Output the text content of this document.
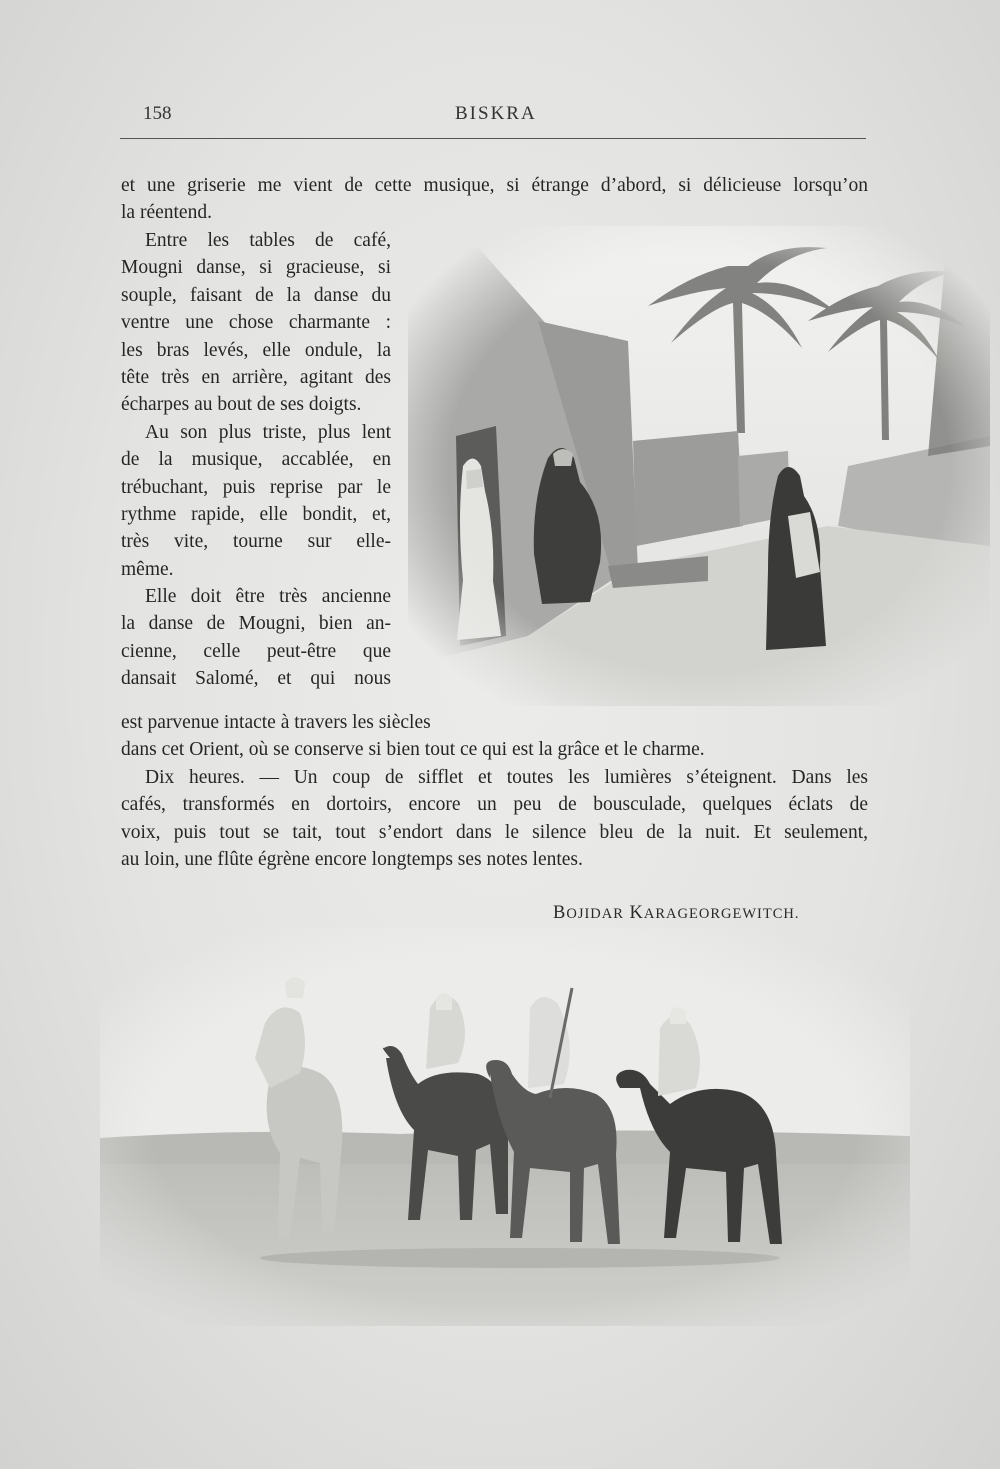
158	BISKRA
et une griserie me vient de cette musique, si étrange d’abord, si délicieuse lorsqu’on
la réentend.
Entre les tables de café,
Mougni danse, si gracieuse, si
souple, faisant de la danse du
ventre une chose charmante :
les bras levés, elle ondule, la
tête très en arrière, agitant des
écharpes au bout de ses doigts.
Au son plus triste, plus lent
de la musique, accablée, en
trébuchant, puis reprise par le
rythme rapide, elle bondit, et,
très vite, tourne sur elle-
même.
Elle doit être très ancienne
la danse de Mougni, bien an-
cienne, celle peut-être que
dansait Salomé, et qui nous
est parvenue intacte à travers les siècles
dans cet Orient, où se conserve si bien tout ce qui est la grâce et le charme.
Dix heures. — Un coup de sifflet et toutes les lumières s’éteignent. Dans les
cafés, transformés en dortoirs, encore un peu de bousculade, quelques éclats de
voix, puis tout se tait, tout s’endort dans le silence bleu de la nuit. Et seulement,
au loin, une flûte égrène encore longtemps ses notes lentes.
BOJIDAR KARAGEORGEWITCH.
